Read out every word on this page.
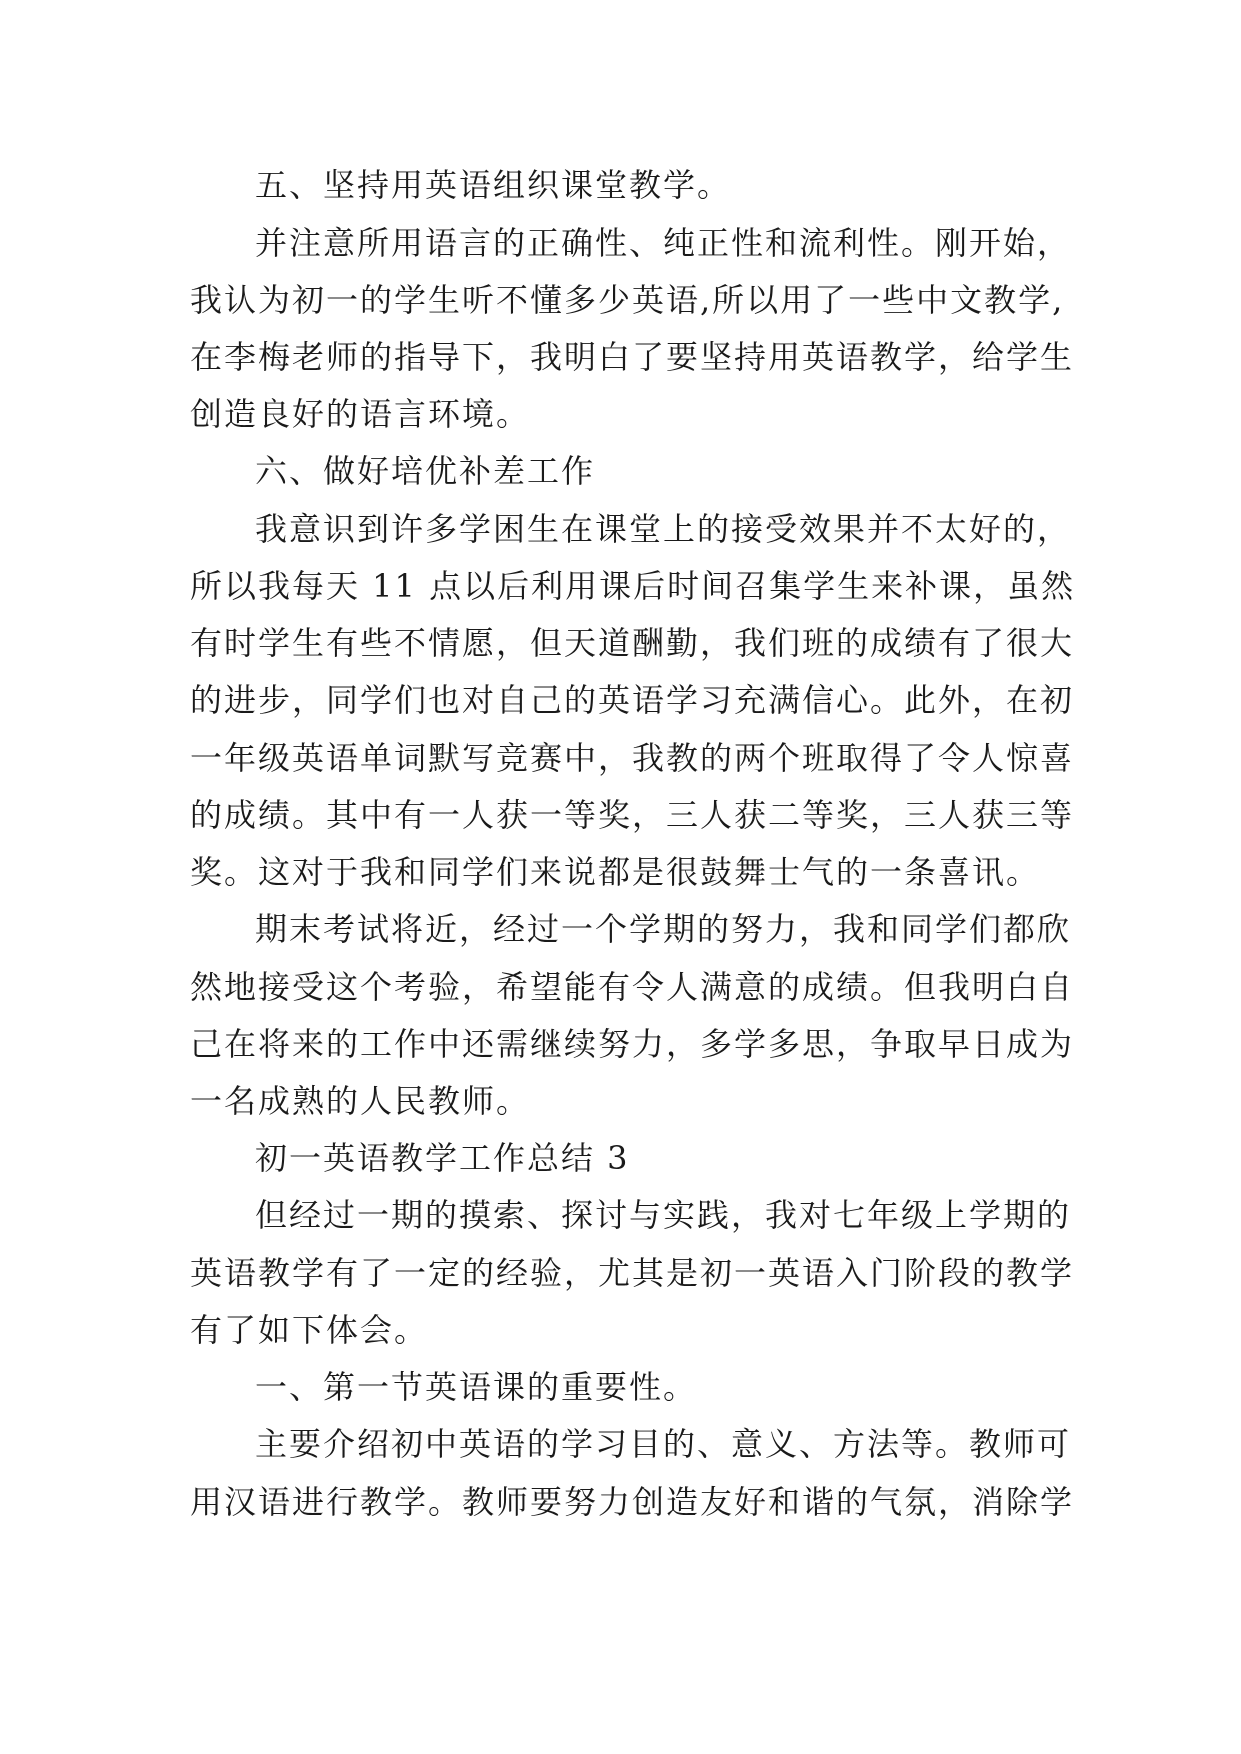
五、坚持用英语组织课堂教学。
并注意所用语言的正确性、纯正性和流利性。刚开始，
我认为初一的学生听不懂多少英语,所以用了一些中文教学,
在李梅老师的指导下，我明白了要坚持用英语教学，给学生
创造良好的语言环境。
六、做好培优补差工作
我意识到许多学困生在课堂上的接受效果并不太好的，
所以我每天 11 点以后利用课后时间召集学生来补课，虽然
有时学生有些不情愿，但天道酬勤，我们班的成绩有了很大
的进步，同学们也对自己的英语学习充满信心。此外，在初
一年级英语单词默写竞赛中，我教的两个班取得了令人惊喜
的成绩。其中有一人获一等奖，三人获二等奖，三人获三等
奖。这对于我和同学们来说都是很鼓舞士气的一条喜讯。
期末考试将近，经过一个学期的努力，我和同学们都欣
然地接受这个考验，希望能有令人满意的成绩。但我明白自
己在将来的工作中还需继续努力，多学多思，争取早日成为
一名成熟的人民教师。
初一英语教学工作总结 3
但经过一期的摸索、探讨与实践，我对七年级上学期的
英语教学有了一定的经验，尤其是初一英语入门阶段的教学
有了如下体会。
一、第一节英语课的重要性。
主要介绍初中英语的学习目的、意义、方法等。教师可
用汉语进行教学。教师要努力创造友好和谐的气氛，消除学
